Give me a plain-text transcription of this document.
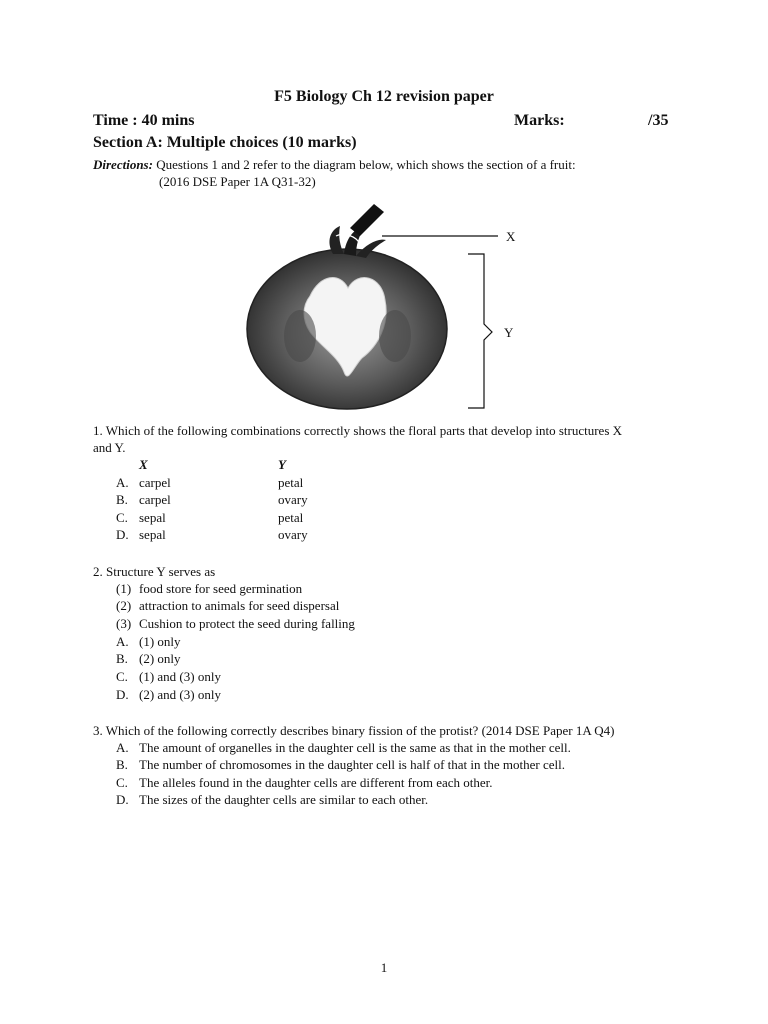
F5 Biology Ch 12 revision paper
Time : 40 mins	Marks:	/35
Section A: Multiple choices (10 marks)
Directions: Questions 1 and 2 refer to the diagram below, which shows the section of a fruit:
(2016 DSE Paper 1A Q31-32)
X
Y
1. Which of the following combinations correctly shows the floral parts that develop into structures X
and Y.
X	Y
A. carpel	petal
B. carpel	ovary
C. sepal	petal
D. sepal	ovary
2. Structure Y serves as
(1) food store for seed germination
(2) attraction to animals for seed dispersal
(3) Cushion to protect the seed during falling
A. (1) only
B. (2) only
C. (1) and (3) only
D. (2) and (3) only
3. Which of the following correctly describes binary fission of the protist? (2014 DSE Paper 1A Q4)
A. The amount of organelles in the daughter cell is the same as that in the mother cell.
B. The number of chromosomes in the daughter cell is half of that in the mother cell.
C. The alleles found in the daughter cells are different from each other.
D. The sizes of the daughter cells are similar to each other.
1
